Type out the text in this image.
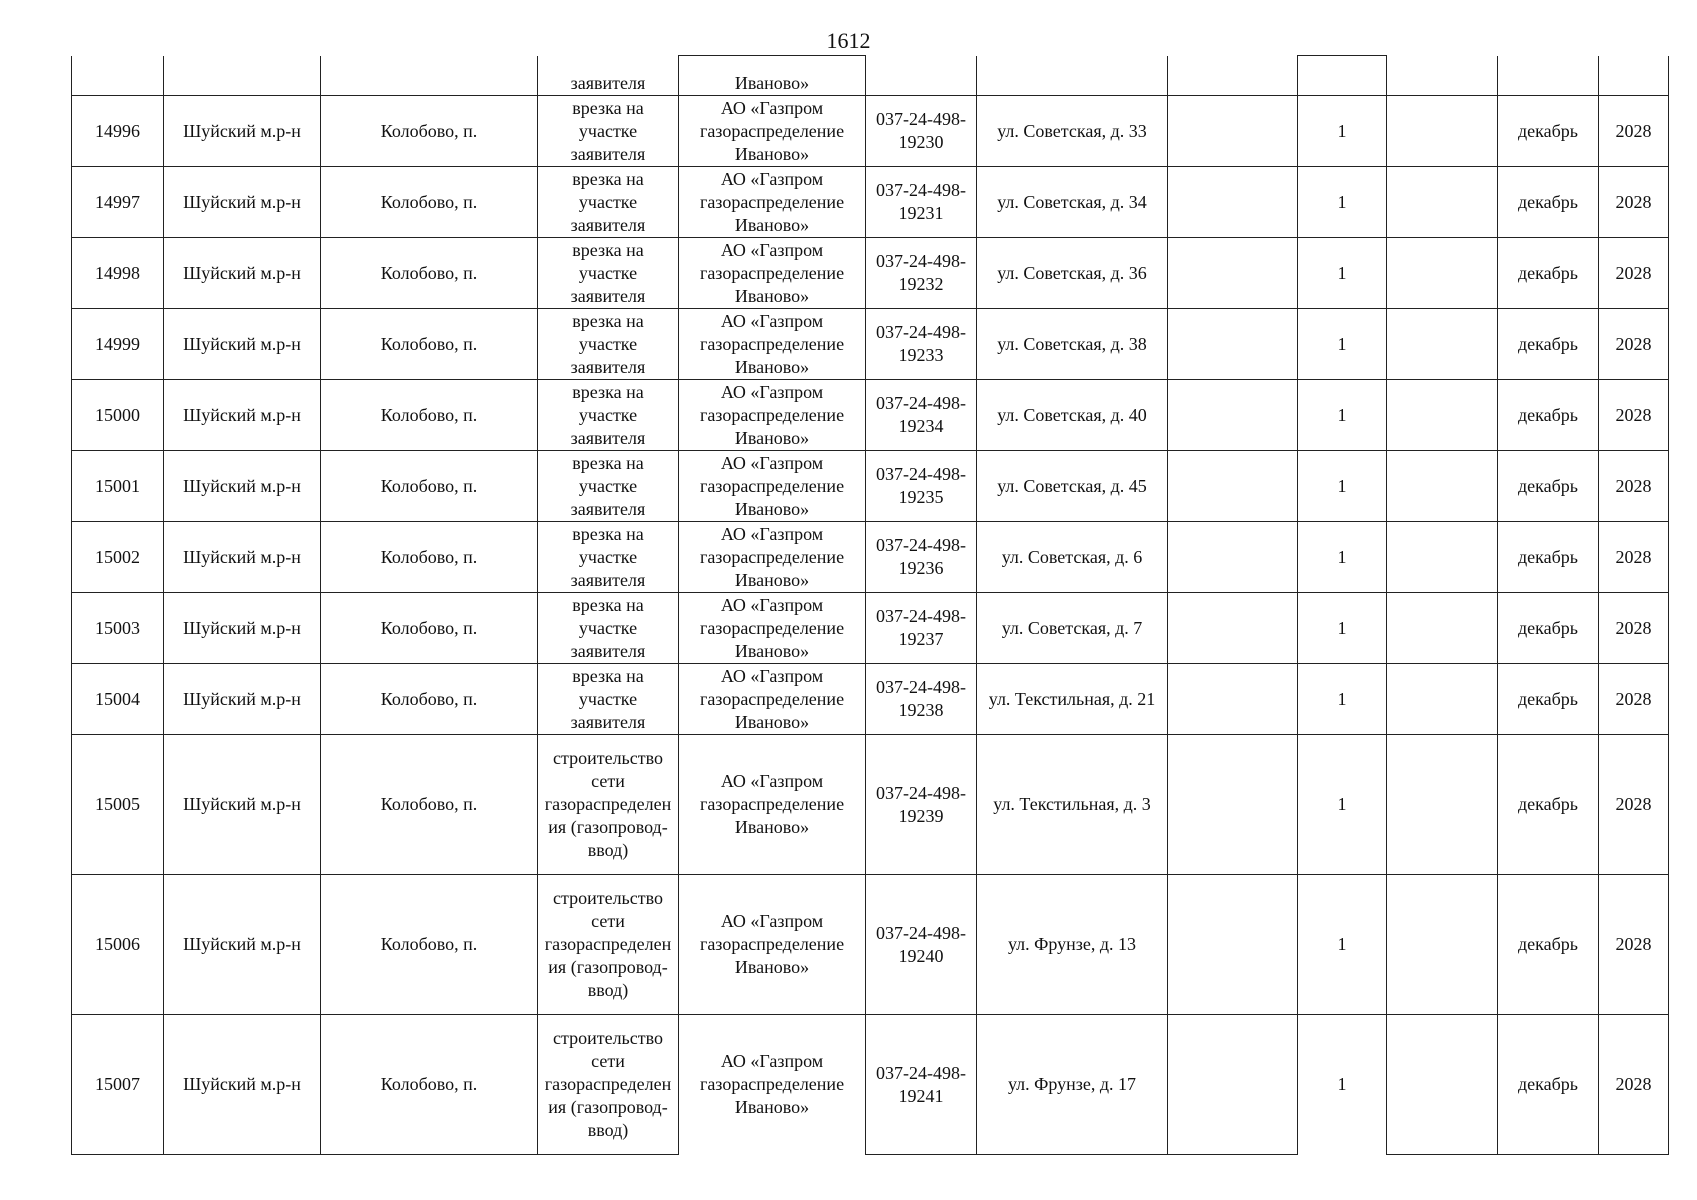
1612
			заявителя	Иваново»							
14996	Шуйский м.р-н	Колобово, п.	врезка на участке заявителя	АО «Газпром газораспределение Иваново»	037-24-498-19230	ул. Советская, д. 33		1		декабрь	2028
14997	Шуйский м.р-н	Колобово, п.	врезка на участке заявителя	АО «Газпром газораспределение Иваново»	037-24-498-19231	ул. Советская, д. 34		1		декабрь	2028
14998	Шуйский м.р-н	Колобово, п.	врезка на участке заявителя	АО «Газпром газораспределение Иваново»	037-24-498-19232	ул. Советская, д. 36		1		декабрь	2028
14999	Шуйский м.р-н	Колобово, п.	врезка на участке заявителя	АО «Газпром газораспределение Иваново»	037-24-498-19233	ул. Советская, д. 38		1		декабрь	2028
15000	Шуйский м.р-н	Колобово, п.	врезка на участке заявителя	АО «Газпром газораспределение Иваново»	037-24-498-19234	ул. Советская, д. 40		1		декабрь	2028
15001	Шуйский м.р-н	Колобово, п.	врезка на участке заявителя	АО «Газпром газораспределение Иваново»	037-24-498-19235	ул. Советская, д. 45		1		декабрь	2028
15002	Шуйский м.р-н	Колобово, п.	врезка на участке заявителя	АО «Газпром газораспределение Иваново»	037-24-498-19236	ул. Советская, д. 6		1		декабрь	2028
15003	Шуйский м.р-н	Колобово, п.	врезка на участке заявителя	АО «Газпром газораспределение Иваново»	037-24-498-19237	ул. Советская, д. 7		1		декабрь	2028
15004	Шуйский м.р-н	Колобово, п.	врезка на участке заявителя	АО «Газпром газораспределение Иваново»	037-24-498-19238	ул. Текстильная, д. 21		1		декабрь	2028
15005	Шуйский м.р-н	Колобово, п.	строительство сети газораспределения (газопровод-ввод)	АО «Газпром газораспределение Иваново»	037-24-498-19239	ул. Текстильная, д. 3		1		декабрь	2028
15006	Шуйский м.р-н	Колобово, п.	строительство сети газораспределения (газопровод-ввод)	АО «Газпром газораспределение Иваново»	037-24-498-19240	ул. Фрунзе, д. 13		1		декабрь	2028
15007	Шуйский м.р-н	Колобово, п.	строительство сети газораспределения (газопровод-ввод)	АО «Газпром газораспределение Иваново»	037-24-498-19241	ул. Фрунзе, д. 17		1		декабрь	2028
